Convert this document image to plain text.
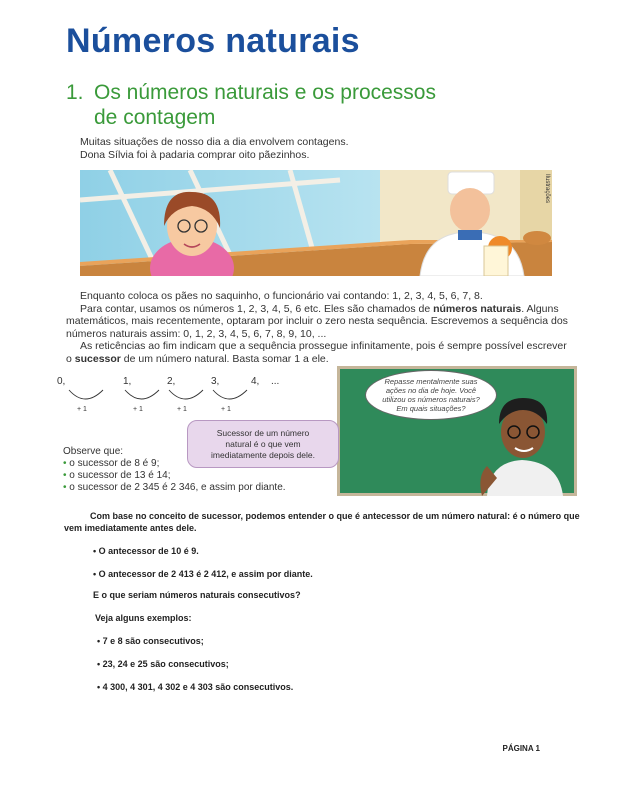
Números naturais
1. Os números naturais e os processos
de contagem
Muitas situações de nosso dia a dia envolvem contagens.
Dona Sílvia foi à padaria comprar oito pãezinhos.
Ilustrações

Enquanto coloca os pães no saquinho, o funcionário vai contando: 1, 2, 3, 4, 5, 6, 7, 8.

Para contar, usamos os números 1, 2, 3, 4, 5, 6 etc. Eles são chamados de números naturais. Alguns matemáticos, mais recentemente, optaram por incluir o zero nesta sequência. Escrevemos a sequência dos números naturais assim: 0, 1, 2, 3, 4, 5, 6, 7, 8, 9, 10, ...

As reticências ao fim indicam que a sequência prossegue infinitamente, pois é sempre possível escrever o sucessor de um número natural. Basta somar 1 a ele.

Repasse mentalmente suas ações no dia de hoje. Você utilizou os números naturais? Em quais situações?
0,	1,	2,	3,	4, ...
+ 1	+ 1	+ 1	+ 1
Sucessor de um número natural é o que vem imediatamente depois dele.
Observe que:
• o sucessor de 8 é 9;
• o sucessor de 13 é 14;
• o sucessor de 2 345 é 2 346, e assim por diante.

Com base no conceito de sucessor, podemos entender o que é antecessor de um número natural: é o número que vem imediatamente antes dele.

• O antecessor de 10 é 9.
• O antecessor de 2 413 é 2 412, e assim por diante.
E o que seriam números naturais consecutivos?
Veja alguns exemplos:
• 7 e 8 são consecutivos;
• 23, 24 e 25 são consecutivos;
• 4 300, 4 301, 4 302 e 4 303 são consecutivos.
PÁGINA 1
